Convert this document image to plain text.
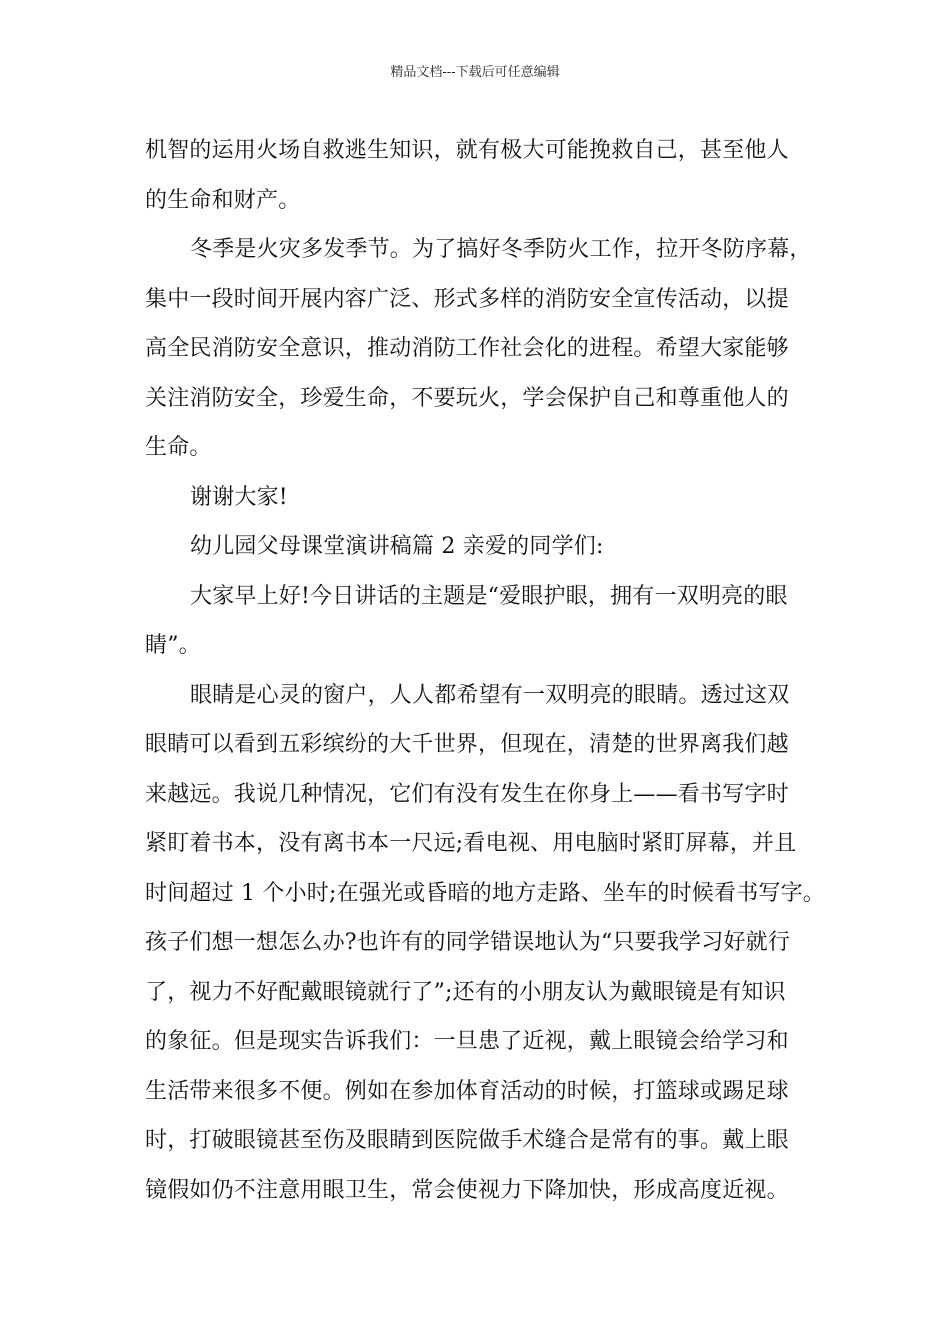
精品文档---下载后可任意编辑
机智的运用火场自救逃生知识，就有极大可能挽救自己，甚至他人
的生命和财产。
冬季是火灾多发季节。为了搞好冬季防火工作，拉开冬防序幕，
集中一段时间开展内容广泛、形式多样的消防安全宣传活动，以提
高全民消防安全意识，推动消防工作社会化的进程。希望大家能够
关注消防安全，珍爱生命，不要玩火，学会保护自己和尊重他人的
生命。
谢谢大家!
幼儿园父母课堂演讲稿篇 2 亲爱的同学们:
大家早上好!今日讲话的主题是“爱眼护眼，拥有一双明亮的眼
睛”。
眼睛是心灵的窗户，人人都希望有一双明亮的眼睛。透过这双
眼睛可以看到五彩缤纷的大千世界，但现在，清楚的世界离我们越
来越远。我说几种情况，它们有没有发生在你身上——看书写字时
紧盯着书本，没有离书本一尺远;看电视、用电脑时紧盯屏幕，并且
时间超过 1 个小时;在强光或昏暗的地方走路、坐车的时候看书写字。
孩子们想一想怎么办?也许有的同学错误地认为“只要我学习好就行
了，视力不好配戴眼镜就行了”;还有的小朋友认为戴眼镜是有知识
的象征。但是现实告诉我们：一旦患了近视，戴上眼镜会给学习和
生活带来很多不便。例如在参加体育活动的时候，打篮球或踢足球
时，打破眼镜甚至伤及眼睛到医院做手术缝合是常有的事。戴上眼
镜假如仍不注意用眼卫生，常会使视力下降加快，形成高度近视。
